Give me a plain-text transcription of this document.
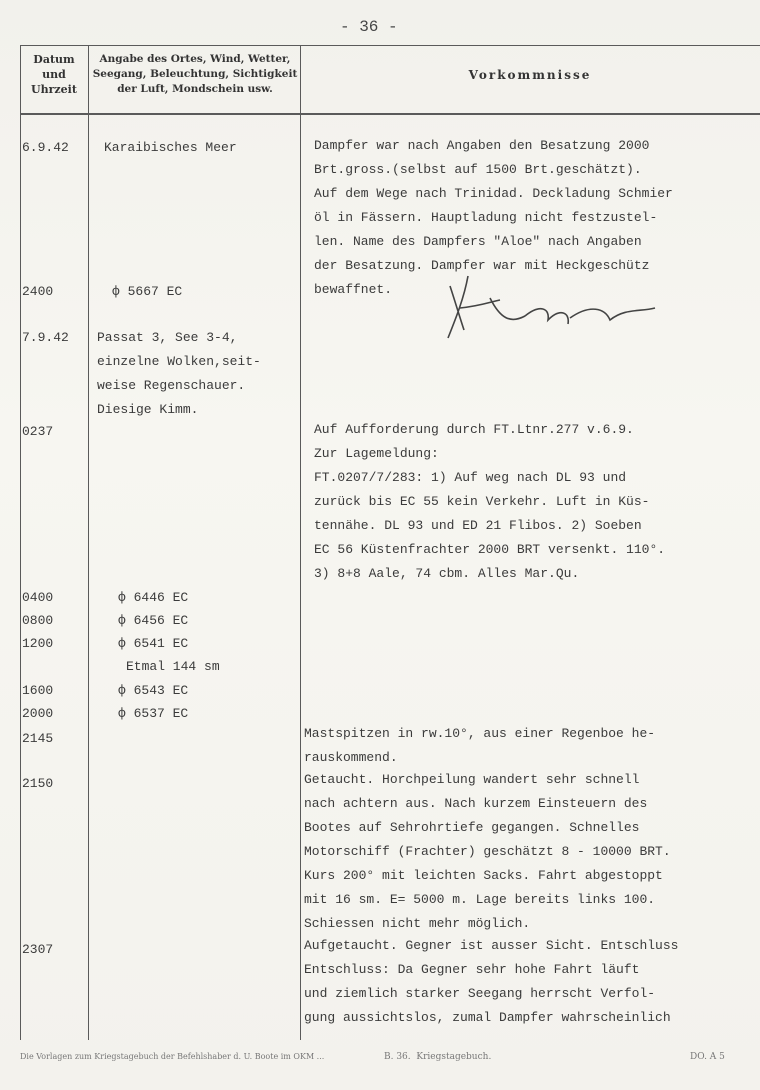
- 36 -
Datum
und
Uhrzeit
Angabe des Ortes, Wind, Wetter,
Seegang, Beleuchtung, Sichtigkeit
der Luft, Mondschein usw.
Vorkommnisse
6.9.42	Karaibisches Meer	Dampfer war nach Angaben den Besatzung 2000
Brt.gross.(selbst auf 1500 Brt.geschätzt).
Auf dem Wege nach Trinidad. Deckladung Schmier
öl in Fässern. Hauptladung nicht festzustel-
len. Name des Dampfers "Aloe" nach Angaben
der Besatzung. Dampfer war mit Heckgeschütz
bewaffnet.
2400	ф 5667 EC
7.9.42 Passat 3, See 3-4,
einzelne Wolken,seit-
weise Regenschauer.
Diesige Kimm.
0237	Auf Aufforderung durch FT.Ltnr.277 v.6.9.
Zur Lagemeldung:
FT.0207/7/283: 1) Auf weg nach DL 93 und
zurück bis EC 55 kein Verkehr. Luft in Küs-
tennähe. DL 93 und ED 21 Flibos. 2) Soeben
EC 56 Küstenfrachter 2000 BRT versenkt. 110°.
3) 8+8 Aale, 74 cbm. Alles Mar.Qu.
0400	ф 6446 EC
0800	ф 6456 EC
1200	ф 6541 EC
Etmal 144 sm
1600	ф 6543 EC
2000	ф 6537 EC
2145	Mastspitzen in rw.10°, aus einer Regenboe he-
rauskommend.
2150	Getaucht. Horchpeilung wandert sehr schnell
nach achtern aus. Nach kurzem Einsteuern des
Bootes auf Sehrohrtiefe gegangen. Schnelles
Motorschiff (Frachter) geschätzt 8 - 10000 BRT.
Kurs 200° mit leichten Sacks. Fahrt abgestoppt
mit 16 sm. E= 5000 m. Lage bereits links 100.
Schiessen nicht mehr möglich.
2307	Aufgetaucht. Gegner ist ausser Sicht. Entschluss
Entschluss: Da Gegner sehr hohe Fahrt läuft
und ziemlich starker Seegang herrscht Verfol-
gung aussichtslos, zumal Dampfer wahrscheinlich
Die Vorlagen zum Kriegstagebuch der Befehlshaber d. U. Boote im OKM ...	B. 36.  Kriegstagebuch.	DO. A 5
